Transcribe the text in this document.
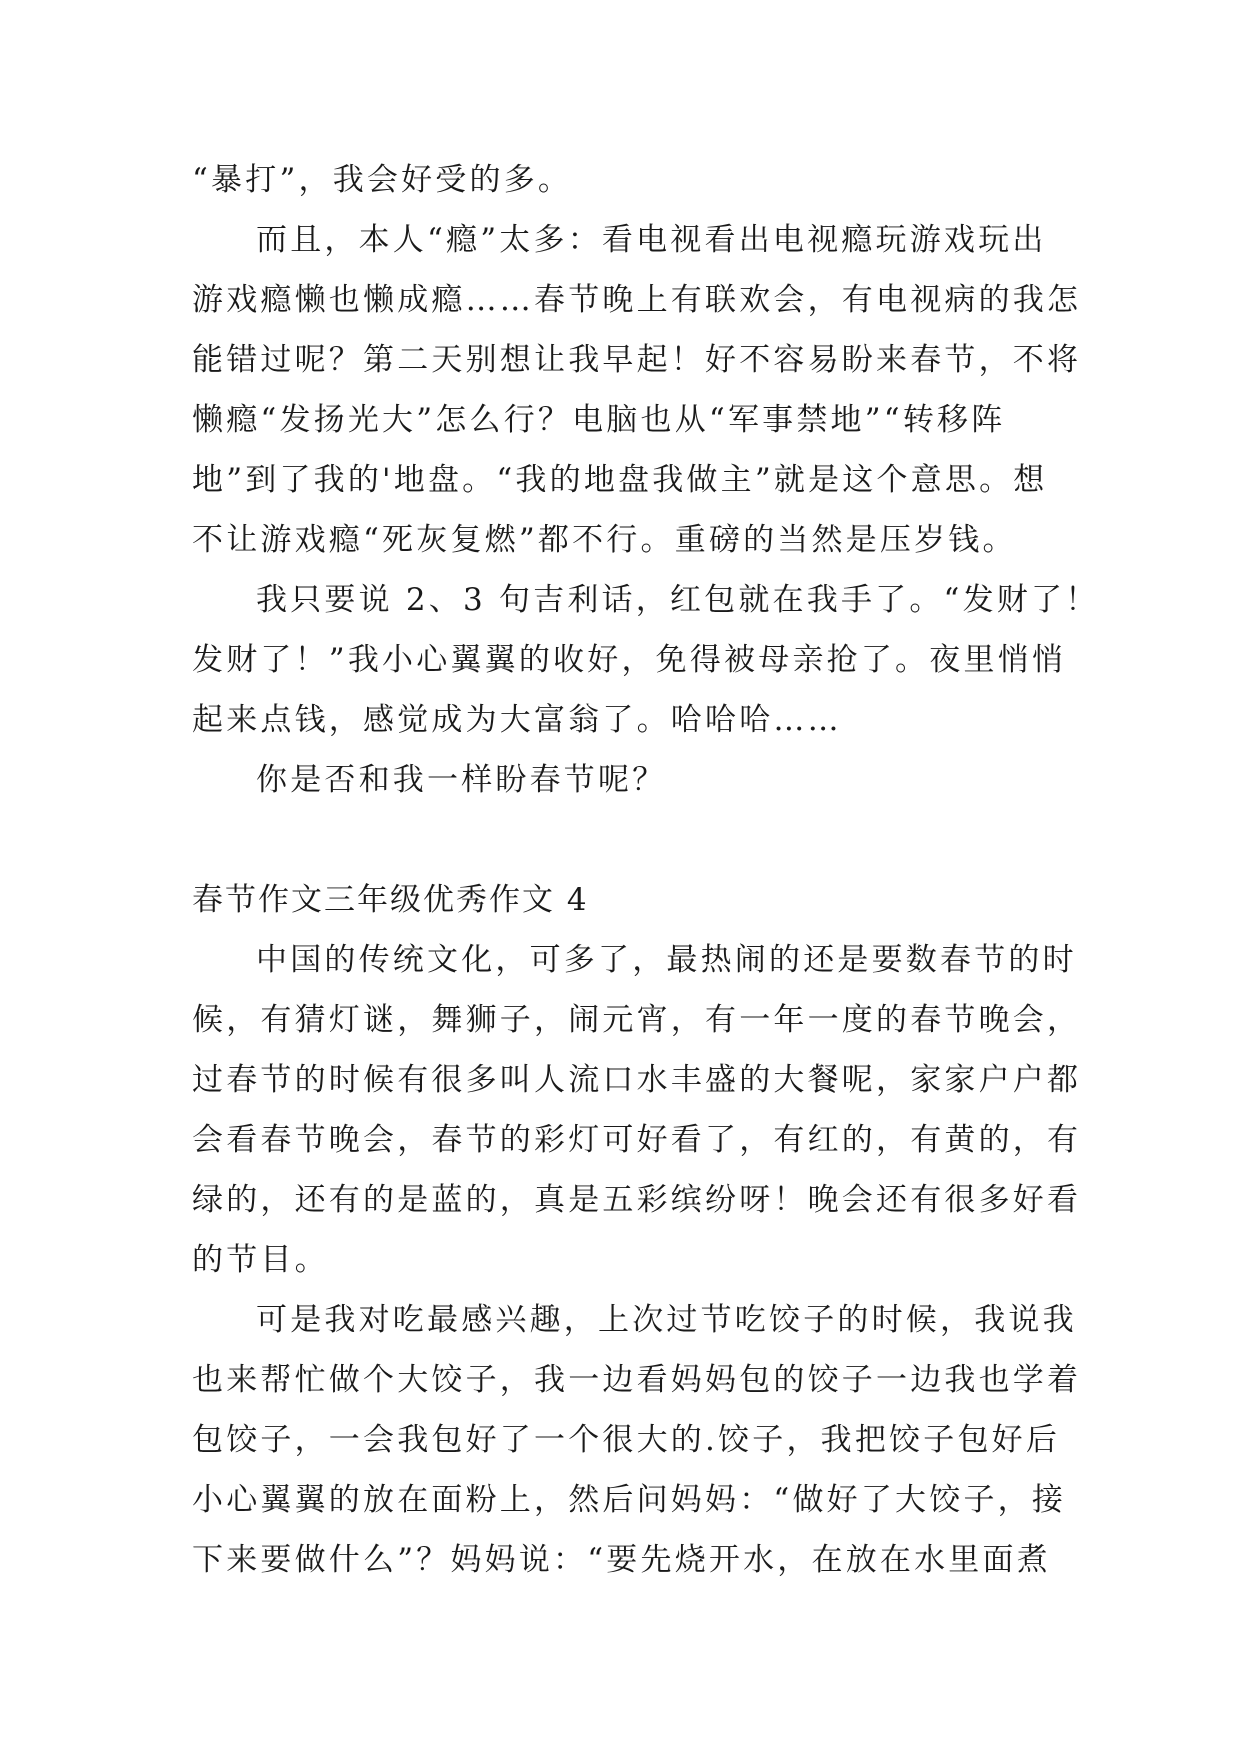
“暴打”，我会好受的多。
而且，本人“瘾”太多：看电视看出电视瘾玩游戏玩出
游戏瘾懒也懒成瘾……春节晚上有联欢会，有电视病的我怎
能错过呢？第二天别想让我早起！好不容易盼来春节，不将
懒瘾“发扬光大”怎么行？电脑也从“军事禁地”“转移阵
地”到了我的'地盘。“我的地盘我做主”就是这个意思。想
不让游戏瘾“死灰复燃”都不行。重磅的当然是压岁钱。
我只要说 2、3 句吉利话，红包就在我手了。“发财了！
发财了！”我小心翼翼的收好，免得被母亲抢了。夜里悄悄
起来点钱，感觉成为大富翁了。哈哈哈……
你是否和我一样盼春节呢？
春节作文三年级优秀作文 4
中国的传统文化，可多了，最热闹的还是要数春节的时
候，有猜灯谜，舞狮子，闹元宵，有一年一度的春节晚会，
过春节的时候有很多叫人流口水丰盛的大餐呢，家家户户都
会看春节晚会，春节的彩灯可好看了，有红的，有黄的，有
绿的，还有的是蓝的，真是五彩缤纷呀！晚会还有很多好看
的节目。
可是我对吃最感兴趣，上次过节吃饺子的时候，我说我
也来帮忙做个大饺子，我一边看妈妈包的饺子一边我也学着
包饺子，一会我包好了一个很大的.饺子，我把饺子包好后
小心翼翼的放在面粉上，然后问妈妈：“做好了大饺子，接
下来要做什么”？妈妈说：“要先烧开水，在放在水里面煮
